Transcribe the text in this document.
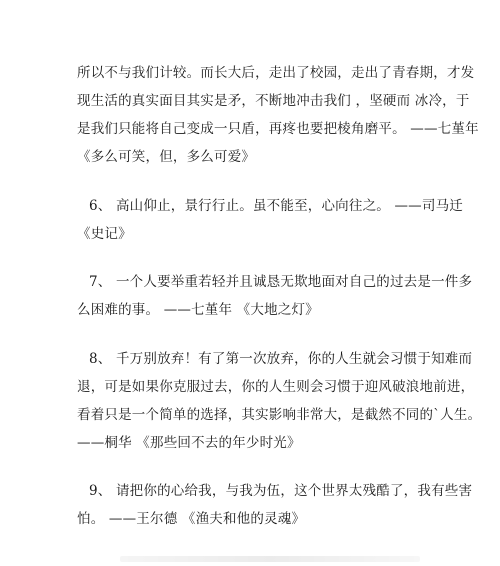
所以不与我们计较。而长大后，走出了校园，走出了青春期，才发
现生活的真实面目其实是矛，不断地冲击我们 ，坚硬而 冰冷，于
是我们只能将自己变成一只盾，再疼也要把棱角磨平。 ——七堇年
《多么可笑，但，多么可爱》
6、 高山仰止，景行行止。虽不能至，心向往之。 ——司马迁
《史记》
7、 一个人要举重若轻并且诚恳无欺地面对自己的过去是一件多
么困难的事。 ——七堇年 《大地之灯》
8、 千万别放弃！有了第一次放弃，你的人生就会习惯于知难而
退，可是如果你克服过去，你的人生则会习惯于迎风破浪地前进，
看着只是一个简单的选择，其实影响非常大，是截然不同的`人生。
——桐华 《那些回不去的年少时光》
9、 请把你的心给我，与我为伍，这个世界太残酷了，我有些害
怕。 ——王尔德 《渔夫和他的灵魂》
